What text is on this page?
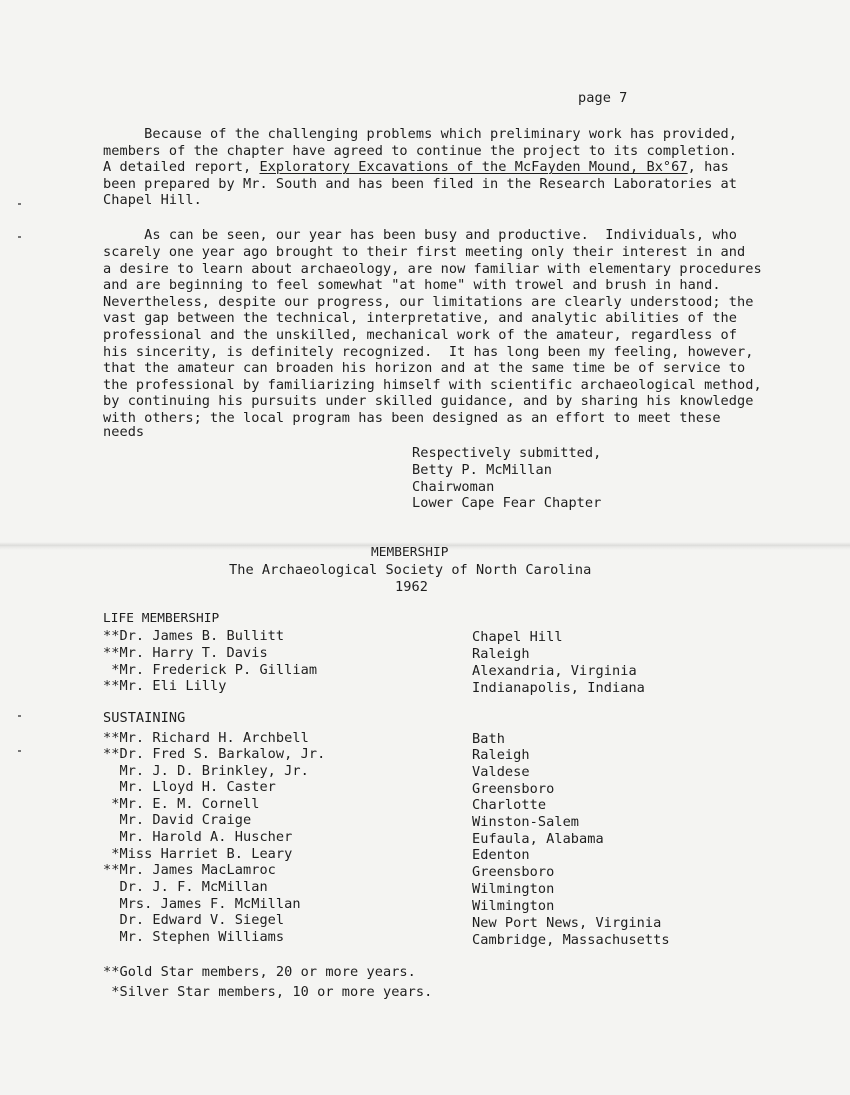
page 7
Because of the challenging problems which preliminary work has provided,
members of the chapter have agreed to continue the project to its completion.
A detailed report, Exploratory Excavations of the McFayden Mound, Bx°67, has
been prepared by Mr. South and has been filed in the Research Laboratories at
Chapel Hill.
As can be seen, our year has been busy and productive.  Individuals, who
scarely one year ago brought to their first meeting only their interest in and
a desire to learn about archaeology, are now familiar with elementary procedures
and are beginning to feel somewhat "at home" with trowel and brush in hand.
Nevertheless, despite our progress, our limitations are clearly understood; the
vast gap between the technical, interpretative, and analytic abilities of the
professional and the unskilled, mechanical work of the amateur, regardless of
his sincerity, is definitely recognized.  It has long been my feeling, however,
that the amateur can broaden his horizon and at the same time be of service to
the professional by familiarizing himself with scientific archaeological method,
by continuing his pursuits under skilled guidance, and by sharing his knowledge
with others; the local program has been designed as an effort to meet these
needs
Respectively submitted,
Betty P. McMillan
Chairwoman
Lower Cape Fear Chapter
MEMBERSHIP
The Archaeological Society of North Carolina
1962
LIFE MEMBERSHIP
**Dr. James B. Bullitt	Chapel Hill
**Mr. Harry T. Davis	Raleigh
*Mr. Frederick P. Gilliam	Alexandria, Virginia
**Mr. Eli Lilly	Indianapolis, Indiana
SUSTAINING
**Mr. Richard H. Archbell	Bath
**Dr. Fred S. Barkalow, Jr.	Raleigh
Mr. J. D. Brinkley, Jr.	Valdese
Mr. Lloyd H. Caster	Greensboro
*Mr. E. M. Cornell	Charlotte
Mr. David Craige	Winston-Salem
Mr. Harold A. Huscher	Eufaula, Alabama
*Miss Harriet B. Leary	Edenton
**Mr. James MacLamroc	Greensboro
Dr. J. F. McMillan	Wilmington
Mrs. James F. McMillan	Wilmington
Dr. Edward V. Siegel	New Port News, Virginia
Mr. Stephen Williams	Cambridge, Massachusetts
**Gold Star members, 20 or more years.
*Silver Star members, 10 or more years.
